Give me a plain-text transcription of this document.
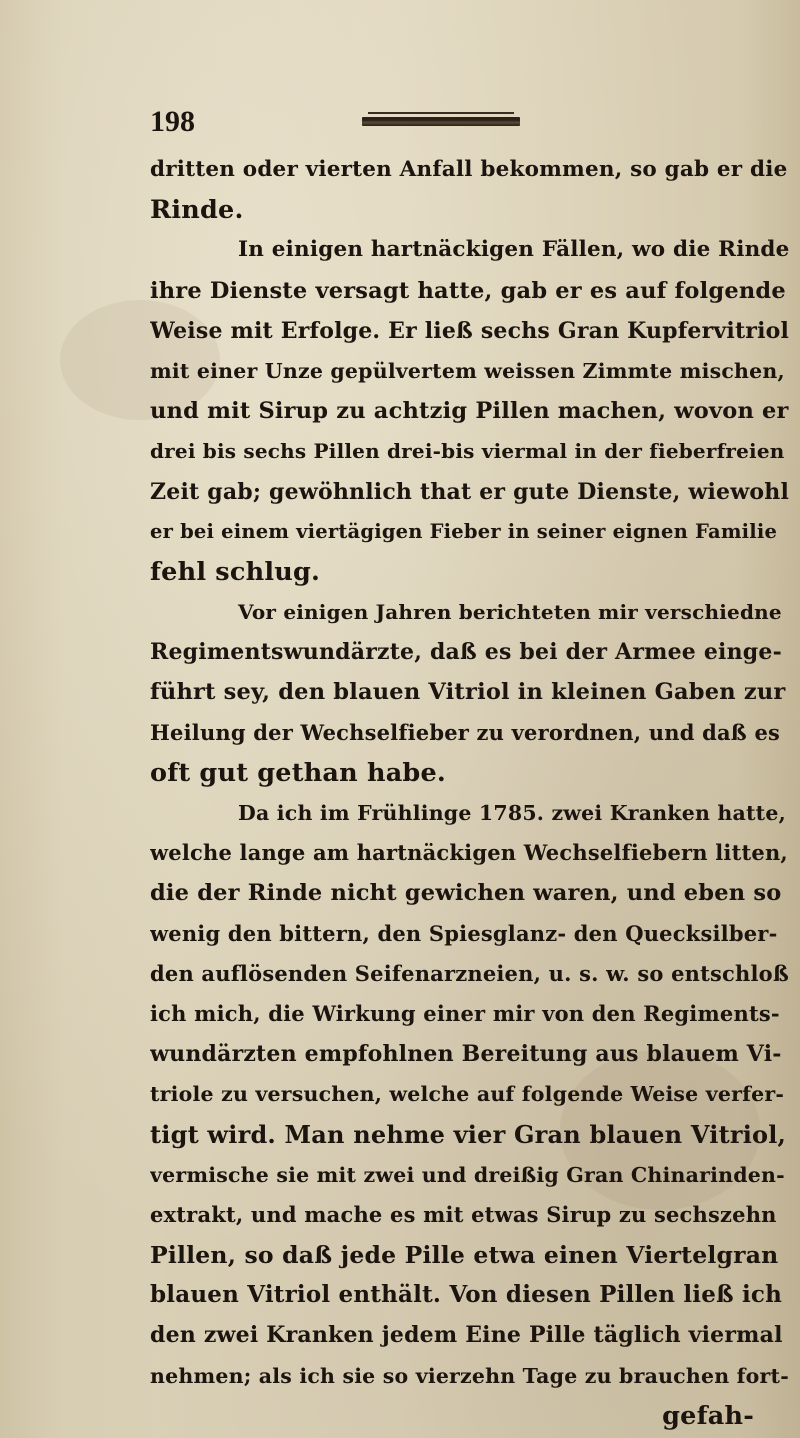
198
dritten oder vierten Anfall bekommen, so gab er die
Rinde.
In einigen hartnäckigen Fällen, wo die Rinde
ihre Dienste versagt hatte, gab er es auf folgende
Weise mit Erfolge. Er ließ sechs Gran Kupfervitriol
mit einer Unze gepülvertem weissen Zimmte mischen,
und mit Sirup zu achtzig Pillen machen, wovon er
drei bis sechs Pillen drei-bis viermal in der fieberfreien
Zeit gab; gewöhnlich that er gute Dienste, wiewohl
er bei einem viertägigen Fieber in seiner eignen Familie
fehl schlug.
Vor einigen Jahren berichteten mir verschiedne
Regimentswundärzte, daß es bei der Armee einge-
führt sey, den blauen Vitriol in kleinen Gaben zur
Heilung der Wechselfieber zu verordnen, und daß es
oft gut gethan habe.
Da ich im Frühlinge 1785. zwei Kranken hatte,
welche lange am hartnäckigen Wechselfiebern litten,
die der Rinde nicht gewichen waren, und eben so
wenig den bittern, den Spiesglanz- den Quecksilber-
den auflösenden Seifenarzneien, u. s. w. so entschloß
ich mich, die Wirkung einer mir von den Regiments-
wundärzten empfohlnen Bereitung aus blauem Vi-
triole zu versuchen, welche auf folgende Weise verfer-
tigt wird. Man nehme vier Gran blauen Vitriol,
vermische sie mit zwei und dreißig Gran Chinarinden-
extrakt, und mache es mit etwas Sirup zu sechszehn
Pillen, so daß jede Pille etwa einen Viertelgran
blauen Vitriol enthält. Von diesen Pillen ließ ich
den zwei Kranken jedem Eine Pille täglich viermal
nehmen; als ich sie so vierzehn Tage zu brauchen fort-
gefah-
